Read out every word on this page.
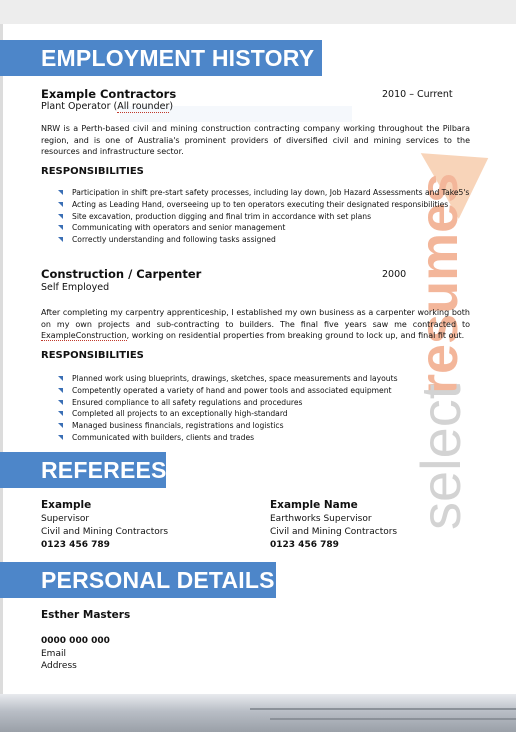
resumes
select
EMPLOYMENT HISTORY
Example Contractors	2010 – Current
Plant Operator (All rounder)
NRW is a Perth-based civil and mining construction contracting company working throughout the Pilbara region, and is one of Australia's prominent providers of diversified civil and mining services to the resources and infrastructure sector.
RESPONSIBILITIES
Participation in shift pre-start safety processes, including lay down, Job Hazard Assessments and Take5's
Acting as Leading Hand, overseeing up to ten operators executing their designated responsibilities
Site excavation, production digging and final trim in accordance with set plans
Communicating with operators and senior management
Correctly understanding and following tasks assigned
Construction / Carpenter	2000
Self Employed
After completing my carpentry apprenticeship, I established my own business as a carpenter working both on my own projects and sub-contracting to builders. The final five years saw me contracted to ExampleConstruction, working on residential properties from breaking ground to lock up, and final fit out.
RESPONSIBILITIES
Planned work using blueprints, drawings, sketches, space measurements and layouts
Competently operated a variety of hand and power tools and associated equipment
Ensured compliance to all safety regulations and procedures
Completed all projects to an exceptionally high-standard
Managed business financials, registrations and logistics
Communicated with builders, clients and trades
REFEREES
Example
Supervisor
Civil and Mining Contractors
0123 456 789
Example Name
Earthworks Supervisor
Civil and Mining Contractors
0123 456 789
PERSONAL DETAILS
Esther Masters
0000 000 000
Email
Address
